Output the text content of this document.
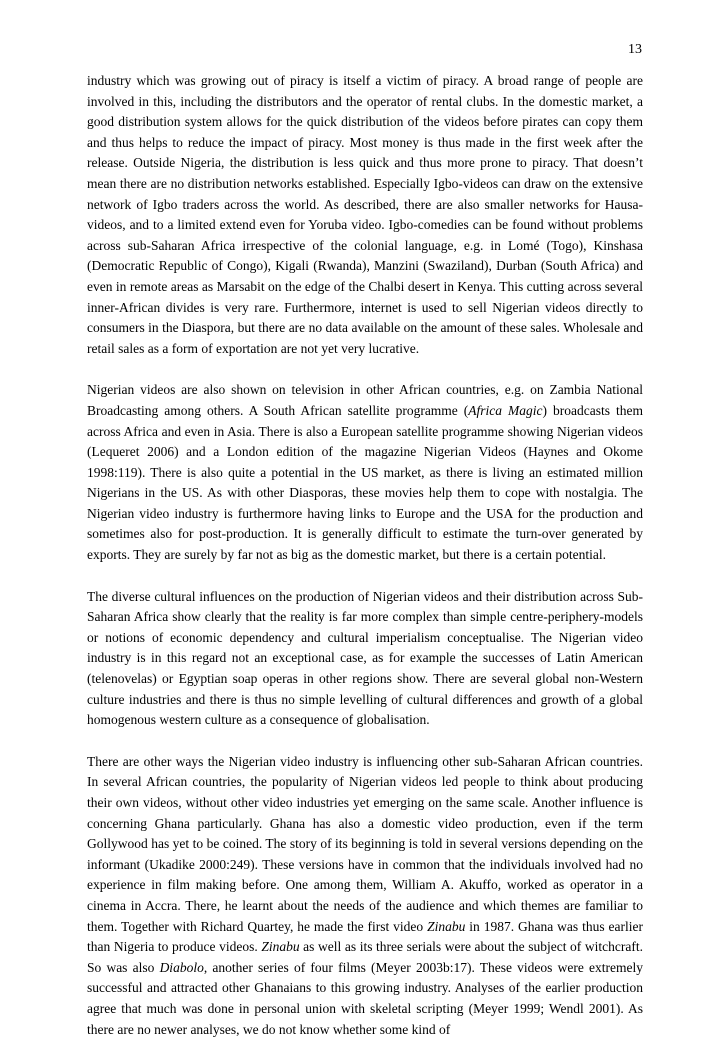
13

industry which was growing out of piracy is itself a victim of piracy. A broad range of people are involved in this, including the distributors and the operator of rental clubs. In the domestic market, a good distribution system allows for the quick distribution of the videos before pirates can copy them and thus helps to reduce the impact of piracy. Most money is thus made in the first week after the release. Outside Nigeria, the distribution is less quick and thus more prone to piracy. That doesn’t mean there are no distribution networks established. Especially Igbo-videos can draw on the extensive network of Igbo traders across the world. As described, there are also smaller networks for Hausa-videos, and to a limited extend even for Yoruba video. Igbo-comedies can be found without problems across sub-Saharan Africa irrespective of the colonial language, e.g. in Lomé (Togo), Kinshasa (Democratic Republic of Congo), Kigali (Rwanda), Manzini (Swaziland), Durban (South Africa) and even in remote areas as Marsabit on the edge of the Chalbi desert in Kenya. This cutting across several inner-African divides is very rare. Furthermore, internet is used to sell Nigerian videos directly to consumers in the Diaspora, but there are no data available on the amount of these sales. Wholesale and retail sales as a form of exportation are not yet very lucrative.

Nigerian videos are also shown on television in other African countries, e.g. on Zambia National Broadcasting among others. A South African satellite programme (Africa Magic) broadcasts them across Africa and even in Asia. There is also a European satellite programme showing Nigerian videos (Lequeret 2006) and a London edition of the magazine Nigerian Videos (Haynes and Okome 1998:119). There is also quite a potential in the US market, as there is living an estimated million Nigerians in the US. As with other Diasporas, these movies help them to cope with nostalgia. The Nigerian video industry is furthermore having links to Europe and the USA for the production and sometimes also for post-production. It is generally difficult to estimate the turn-over generated by exports. They are surely by far not as big as the domestic market, but there is a certain potential.

The diverse cultural influences on the production of Nigerian videos and their distribution across Sub-Saharan Africa show clearly that the reality is far more complex than simple centre-periphery-models or notions of economic dependency and cultural imperialism conceptualise. The Nigerian video industry is in this regard not an exceptional case, as for example the successes of Latin American (telenovelas) or Egyptian soap operas in other regions show. There are several global non-Western culture industries and there is thus no simple levelling of cultural differences and growth of a global homogenous western culture as a consequence of globalisation.

There are other ways the Nigerian video industry is influencing other sub-Saharan African countries. In several African countries, the popularity of Nigerian videos led people to think about producing their own videos, without other video industries yet emerging on the same scale. Another influence is concerning Ghana particularly. Ghana has also a domestic video production, even if the term Gollywood has yet to be coined. The story of its beginning is told in several versions depending on the informant (Ukadike 2000:249). These versions have in common that the individuals involved had no experience in film making before. One among them, William A. Akuffo, worked as operator in a cinema in Accra. There, he learnt about the needs of the audience and which themes are familiar to them. Together with Richard Quartey, he made the first video Zinabu in 1987. Ghana was thus earlier than Nigeria to produce videos. Zinabu as well as its three serials were about the subject of witchcraft. So was also Diabolo, another series of four films (Meyer 2003b:17). These videos were extremely successful and attracted other Ghanaians to this growing industry. Analyses of the earlier production agree that much was done in personal union with skeletal scripting (Meyer 1999; Wendl 2001). As there are no newer analyses, we do not know whether some kind of
